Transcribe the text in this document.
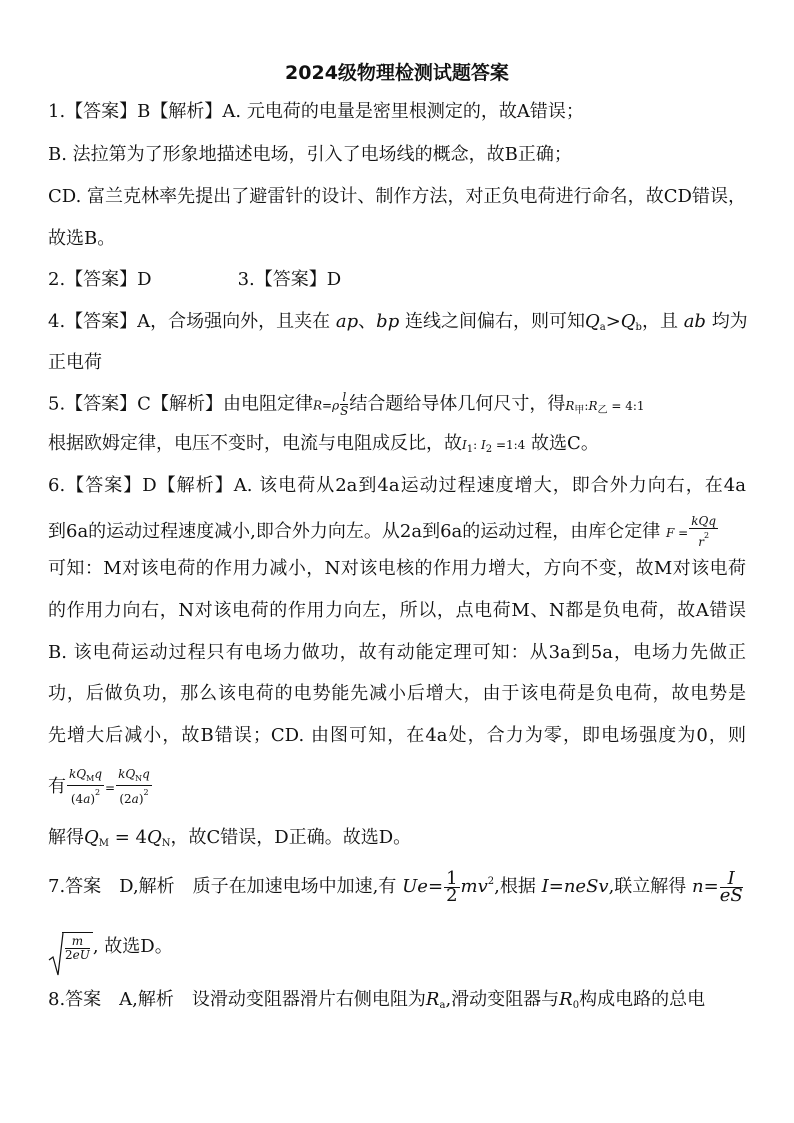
2024级物理检测试题答案
1.【答案】B【解析】A. 元电荷的电量是密里根测定的，故A错误；
B. 法拉第为了形象地描述电场，引入了电场线的概念，故B正确；
CD. 富兰克林率先提出了避雷针的设计、制作方法，对正负电荷进行命名，故CD错误，
故选B。
2.【答案】D	3.【答案】D
4.【答案】A，合场强向外，且夹在 ap、bp 连线之间偏右，则可知$Q_a>Q_b$，且 ab 均为
正电荷
5.【答案】C【解析】由电阻定律$R=\rho \frac{l}{S}$ 结合题给导体几何尺寸，得$R_甲:R_乙$ = 4:1
根据欧姆定律，电压不变时，电流与电阻成反比，故$I_1$: $I_2$ =1:4 故选C。
6.【答案】D【解析】A. 该电荷从2a到4a运动过程速度增大，即合外力向右，在4a
到6a的运动过程速度减小,即合外力向左。从2a到6a的运动过程，由库仑定律 $F = \frac{\text{kQq}}{r^2}$
可知：M对该电荷的作用力减小，N对该电核的作用力增大，方向不变，故M对该电荷
的作用力向右，N对该电荷的作用力向左，所以，点电荷M、N都是负电荷，故A错误
B. 该电荷运动过程只有电场力做功，故有动能定理可知：从3a到5a，电场力先做正
功，后做负功，那么该电荷的电势能先减小后增大，由于该电荷是负电荷，故电势是
先增大后减小，故B错误；CD. 由图可知，在4a处，合力为零，即电场强度为0，则
有 $\frac{kQ_Mq}{(4a)^2} = \frac{kQ_Nq}{(2a)^2}$
解得$Q_M = 4Q_N$，故C错误，D正确。故选D。
7.答案　D,解析　质子在加速电场中加速,有 $Ue= \frac{1}{2} mv^2$,根据 I=neSv,联立解得 $n= \frac{I}{eS}$
$\frac{m}{2eU}$ , 故选D。
8.答案　A,解析　设滑动变阻器滑片右侧电阻为$R_a$,滑动变阻器与$R_0$构成电路的总电
